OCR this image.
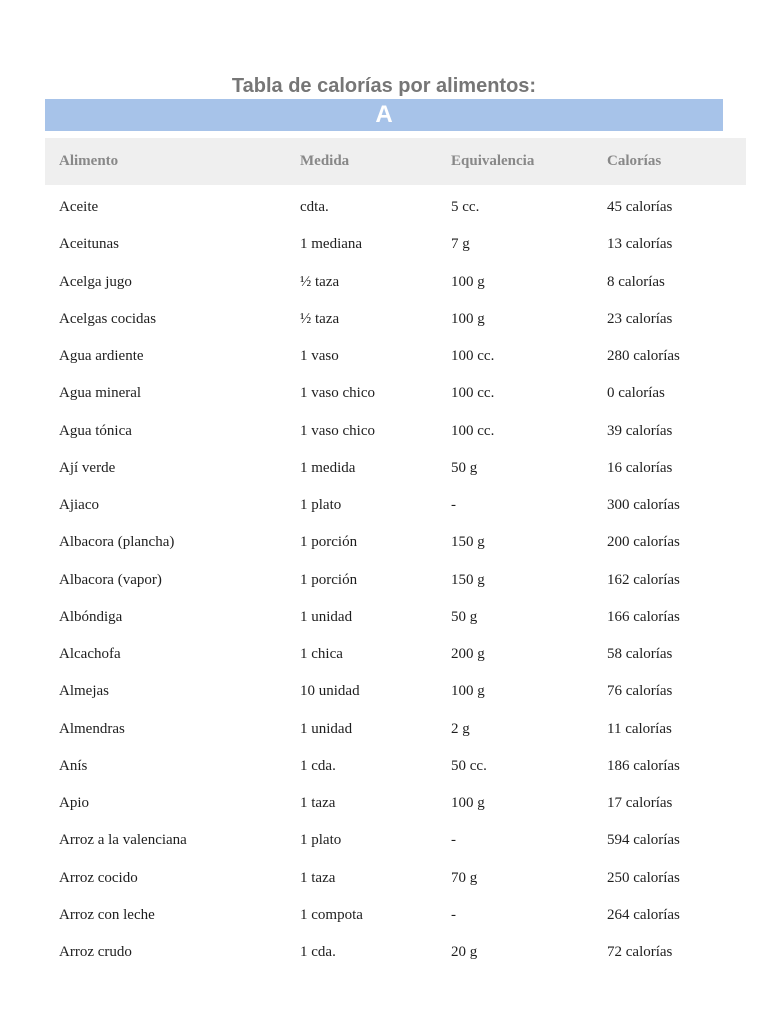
Tabla de calorías por alimentos:
A
Alimento	Medida	Equivalencia	Calorías
Aceite	cdta.	5 cc.	45 calorías
Aceitunas	1 mediana	7 g	13 calorías
Acelga jugo	½ taza	100 g	8 calorías
Acelgas cocidas	½ taza	100 g	23 calorías
Agua ardiente	1 vaso	100 cc.	280 calorías
Agua mineral	1 vaso chico	100 cc.	0 calorías
Agua tónica	1 vaso chico	100 cc.	39 calorías
Ají verde	1 medida	50 g	16 calorías
Ajiaco	1 plato	-	300 calorías
Albacora (plancha)	1 porción	150 g	200 calorías
Albacora (vapor)	1 porción	150 g	162 calorías
Albóndiga	1 unidad	50 g	166 calorías
Alcachofa	1 chica	200 g	58 calorías
Almejas	10 unidad	100 g	76 calorías
Almendras	1 unidad	2 g	11 calorías
Anís	1 cda.	50 cc.	186 calorías
Apio	1 taza	100 g	17 calorías
Arroz a la valenciana	1 plato	-	594 calorías
Arroz cocido	1 taza	70 g	250 calorías
Arroz con leche	1 compota	-	264 calorías
Arroz crudo	1 cda.	20 g	72 calorías
